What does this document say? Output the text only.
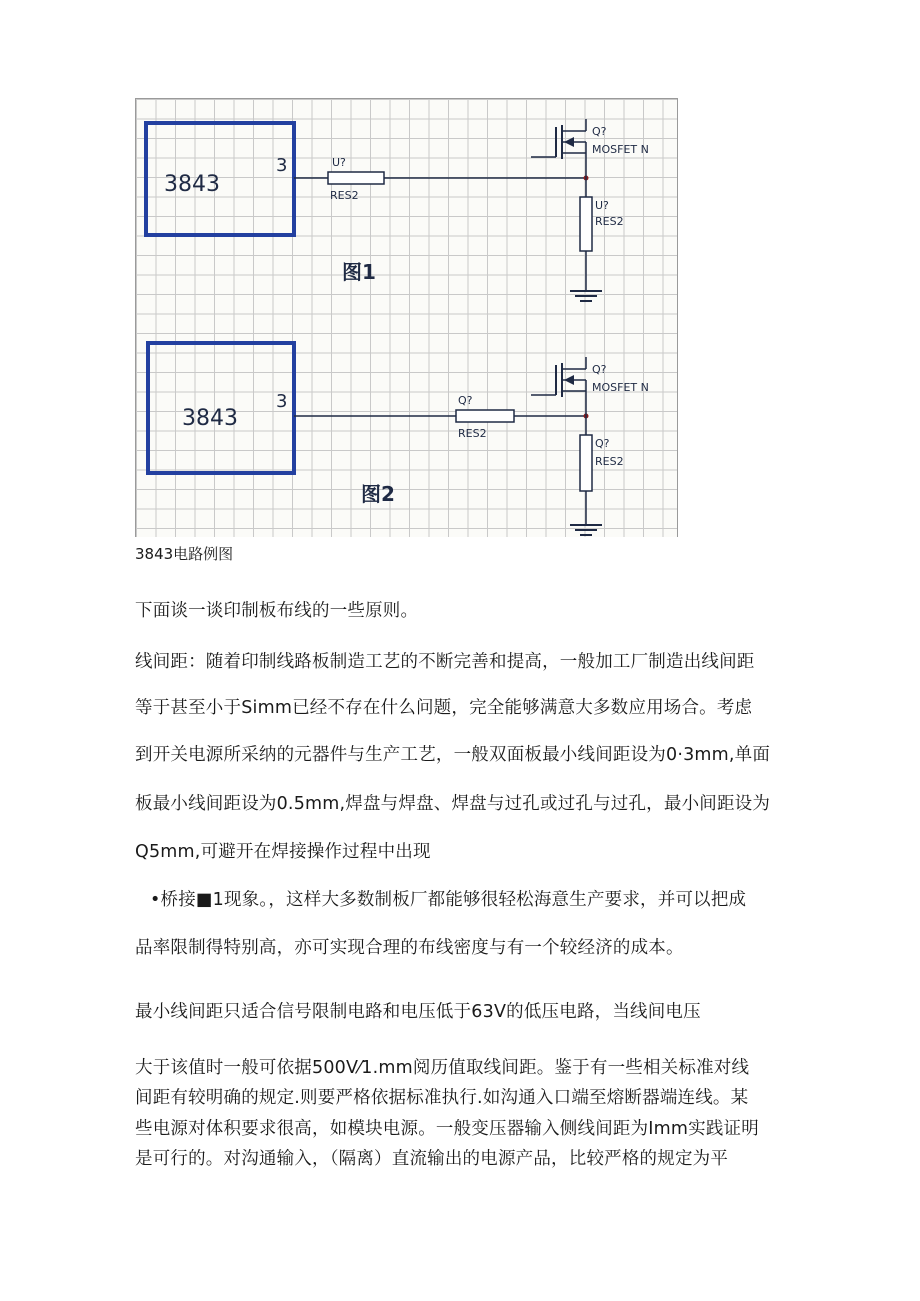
3843
3	U?
RES2
Q?
MOSFET N
U?
RES2
图1
3843
3	Q?
RES2
Q?
MOSFET N
Q?
RES2
图2
3843电路例图
下面谈一谈印制板布线的一些原则。
线间距：随着印制线路板制造工艺的不断完善和提高，一般加工厂制造出线间距
等于甚至小于Simm已经不存在什么问题，完全能够满意大多数应用场合。考虑
到开关电源所采纳的元器件与生产工艺，一般双面板最小线间距设为0·3mm,单面
板最小线间距设为0.5mm,焊盘与焊盘、焊盘与过孔或过孔与过孔，最小间距设为
Q5mm,可避开在焊接操作过程中出现
•桥接■1现象。，这样大多数制板厂都能够很轻松海意生产要求，并可以把成
品率限制得特别高，亦可实现合理的布线密度与有一个较经济的成本。
最小线间距只适合信号限制电路和电压低于63V的低压电路，当线间电压
大于该值时一般可依据500V⁄1.mm阅历值取线间距。鉴于有一些相关标准对线
间距有较明确的规定.则要严格依据标准执行.如沟通入口端至熔断器端连线。某
些电源对体积要求很高，如模块电源。一般变压器输入侧线间距为Imm实践证明
是可行的。对沟通输入，（隔离）直流输出的电源产品，比较严格的规定为平
